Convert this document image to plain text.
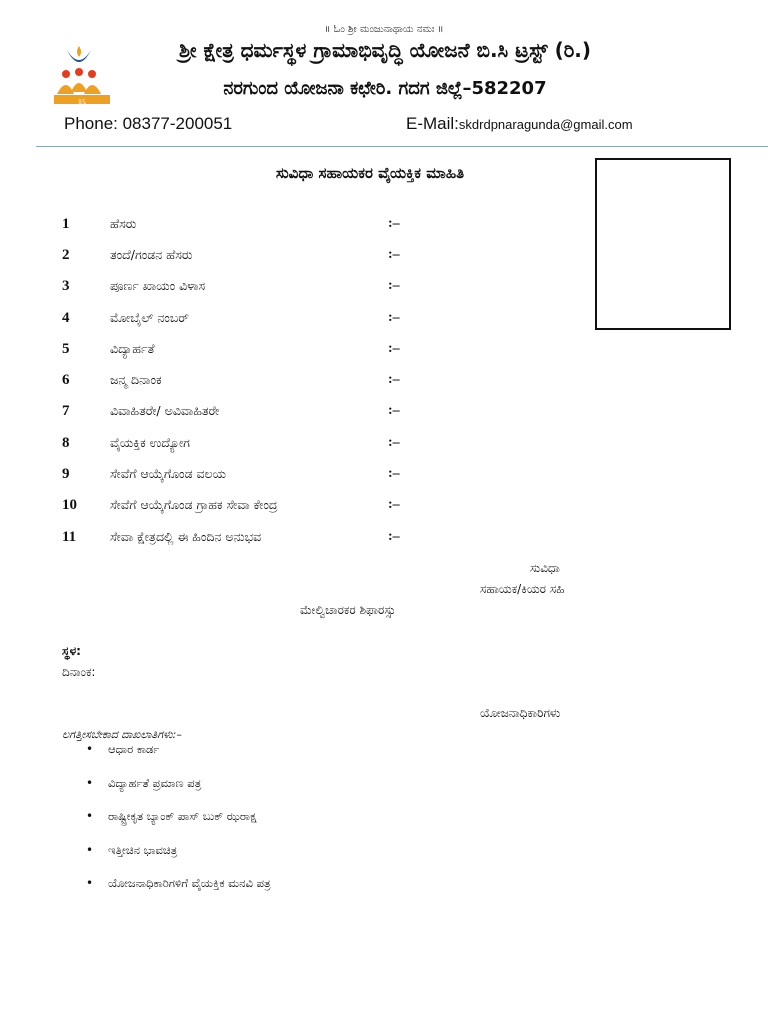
॥ ಓಂ ಶ್ರೀ ಮಂಜುನಾಥಾಯ ನಮಃ ॥
ತ್ರಿಸ್ತ
ಶ್ರೀ ಕ್ಷೇತ್ರ ಧರ್ಮಸ್ಥಳ ಗ್ರಾಮಾಭಿವೃದ್ಧಿ ಯೋಜನೆ ಬಿ.ಸಿ ಟ್ರಸ್ಟ್ (ರಿ.)
ನರಗುಂದ ಯೋಜನಾ ಕಛೇರಿ. ಗದಗ ಜಿಲ್ಲೆ–582207
Phone: 08377-200051	E-Mail:skdrdpnaragunda@gmail.com
ಸುವಿಧಾ ಸಹಾಯಕರ ವೈಯಕ್ತಿಕ ಮಾಹಿತಿ
1	ಹೆಸರು	:–
2	ತಂದೆ/ಗಂಡನ ಹೆಸರು	:–
3	ಪೂರ್ಣ ಖಾಯಂ ವಿಳಾಸ	:–
4	ಮೋಬೈಲ್ ನಂಬರ್	:–
5	ವಿದ್ಯಾರ್ಹತೆ	:–
6	ಜನ್ಮ ದಿನಾಂಕ	:–
7	ವಿವಾಹಿತರೇ/ ಅವಿವಾಹಿತರೇ	:–
8	ವೈಯಕ್ತಿಕ ಉದ್ಯೋಗ	:–
9	ಸೇವೆಗೆ ಆಯ್ಕೆಗೊಂಡ ವಲಯ	:–
10	ಸೇವೆಗೆ ಆಯ್ಕೆಗೊಂಡ ಗ್ರಾಹಕ ಸೇವಾ ಕೇಂದ್ರ	:–
11	ಸೇವಾ ಕ್ಷೇತ್ರದಲ್ಲಿ ಈ ಹಿಂದಿನ ಅನುಭವ	:–
ಸುವಿಧಾ
ಸಹಾಯಕ/ಕಿಯರ ಸಹಿ
ಮೇಲ್ವಿಚಾರಕರ ಶಿಫಾರಸ್ಸು
ಸ್ಥಳ:
ದಿನಾಂಕ:
ಯೋಜನಾಧಿಕಾರಿಗಳು
ಲಗತ್ತೀಸಬೇಕಾದ ದಾಖಲಾತಿಗಳು:–
• ಆಧಾರ ಕಾರ್ಡ
• ವಿದ್ಯಾರ್ಹತೆ ಪ್ರಮಾಣ ಪತ್ರ
• ರಾಷ್ಟ್ರೀಕೃತ ಬ್ಯಾಂಕ್ ಪಾಸ್ ಬುಕ್ ಝರಾಕ್ಷ
• ಇತ್ತೀಚಿನ ಭಾವಚಿತ್ರ
• ಯೋಜನಾಧಿಕಾರಿಗಳಿಗೆ ವೈಯಕ್ತಿಕ ಮನವಿ ಪತ್ರ
